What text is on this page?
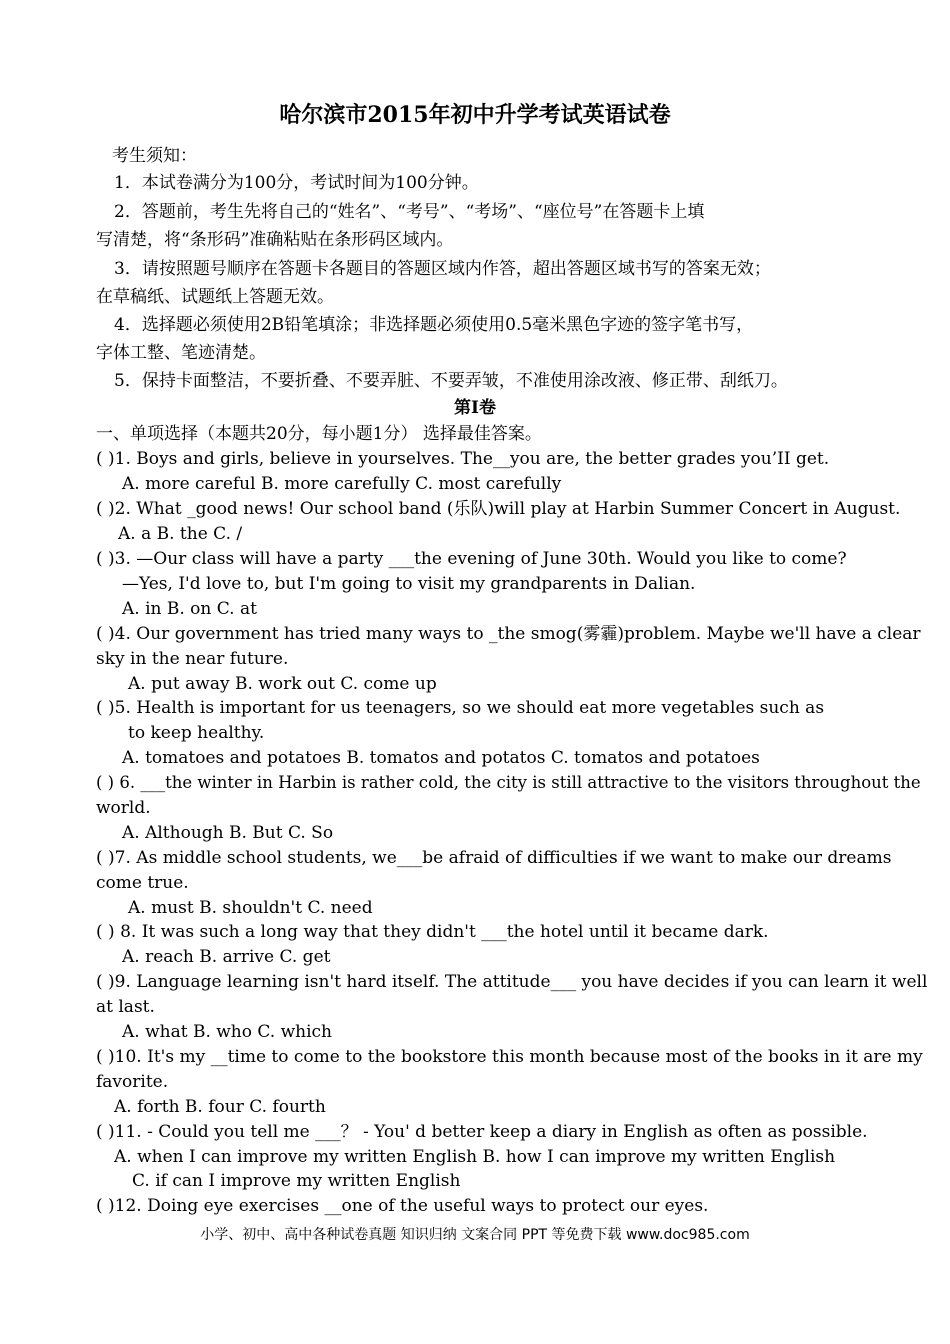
哈尔滨市2015年初中升学考试英语试卷
考生须知：
1．本试卷满分为100分，考试时间为100分钟。
2．答题前，考生先将自己的“姓名”、“考号”、“考场”、“座位号”在答题卡上填
写清楚，将“条形码”准确粘贴在条形码区域内。
3．请按照题号顺序在答题卡各题目的答题区域内作答，超出答题区域书写的答案无效；
在草稿纸、试题纸上答题无效。
4．选择题必须使用2B铅笔填涂；非选择题必须使用0.5毫米黑色字迹的签字笔书写，
字体工整、笔迹清楚。
5．保持卡面整洁，不要折叠、不要弄脏、不要弄皱，不准使用涂改液、修正带、刮纸刀。
第Ⅰ卷
一、单项选择（本题共20分，每小题1分） 选择最佳答案。
( )1. Boys and girls, believe in yourselves. The__you are, the better grades you’II get.
A. more careful B. more carefully C. most carefully
( )2. What _good news! Our school band (乐队)will play at Harbin Summer Concert in August.
A. a B. the C. /
( )3. —Our class will have a party ___the evening of June 30th. Would you like to come?
—Yes, I'd love to, but I'm going to visit my grandparents in Dalian.
A. in B. on C. at
( )4. Our government has tried many ways to _the smog(雾霾)problem. Maybe we'll have a clear
sky in the near future.
A. put away B. work out C. come up
( )5. Health is important for us teenagers, so we should eat more vegetables such as
to keep healthy.
A. tomatoes and potatoes B. tomatos and potatos C. tomatos and potatoes
( ) 6. ___the winter in Harbin is rather cold, the city is still attractive to the visitors throughout the
world.
A. Although B. But C. So
( )7. As middle school students, we___be afraid of difficulties if we want to make our dreams
come true.
A. must B. shouldn't C. need
( ) 8. It was such a long way that they didn't ___the hotel until it became dark.
A. reach B. arrive C. get
( )9. Language learning isn't hard itself. The attitude___ you have decides if you can learn it well
at last.
A. what B. who C. which
( )10. It's my __time to come to the bookstore this month because most of the books in it are my
favorite.
A. forth B. four C. fourth
( )11. - Could you tell me ___？ - You' d better keep a diary in English as often as possible.
A. when I can improve my written English B. how I can improve my written English
C. if can I improve my written English
( )12. Doing eye exercises __one of the useful ways to protect our eyes.
小学、初中、高中各种试卷真题 知识归纳 文案合同 PPT 等免费下载 www.doc985.com
